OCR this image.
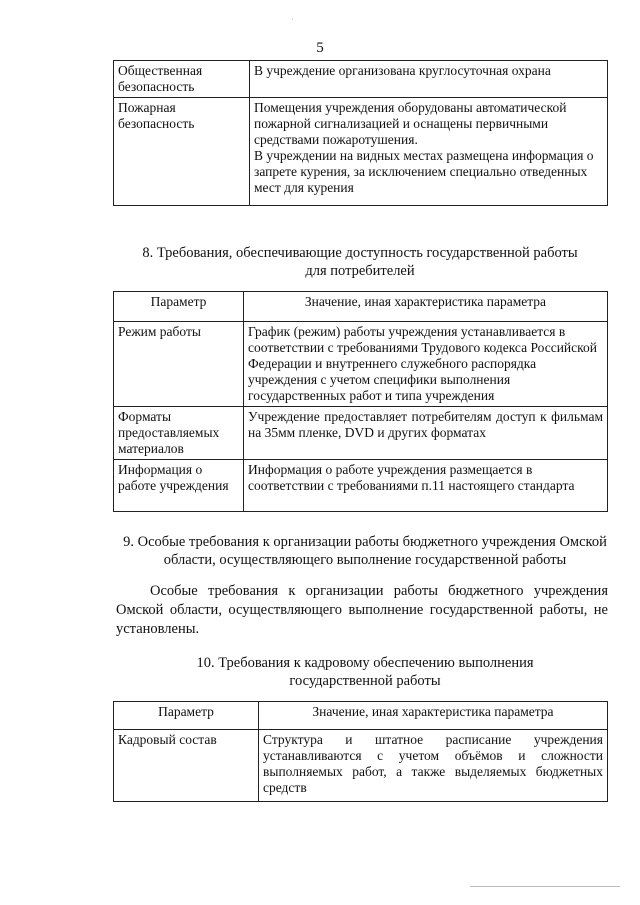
·
5
Общественная безопасность	В учреждение организована круглосуточная охрана
Пожарная безопасность	Помещения учреждения оборудованы автоматической пожарной сигнализацией и оснащены первичными средствами пожаротушения.
В учреждении на видных местах размещена информация о запрете курения, за исключением специально отведенных мест для курения
8. Требования, обеспечивающие доступность государственной работы
для потребителей
Параметр	Значение, иная характеристика параметра
Режим работы	График (режим) работы учреждения устанавливается в соответствии с требованиями Трудового кодекса Российской Федерации и внутреннего служебного распорядка учреждения с учетом специфики выполнения государственных работ и типа учреждения
Форматы предоставляемых материалов	Учреждение предоставляет потребителям доступ к фильмам на 35мм пленке, DVD и других форматах
Информация о работе учреждения	Информация о работе учреждения размещается в соответствии с требованиями п.11 настоящего стандарта
9. Особые требования к организации работы бюджетного учреждения Омской
области, осуществляющего выполнение государственной работы
Особые требования к организации работы бюджетного учреждения Омской области, осуществляющего выполнение государственной работы, не установлены.
10. Требования к кадровому обеспечению выполнения
государственной работы
Параметр	Значение, иная характеристика параметра
Кадровый состав	Структура и штатное расписание учреждения устанавливаются с учетом объёмов и сложности выполняемых работ, а также выделяемых бюджетных средств
